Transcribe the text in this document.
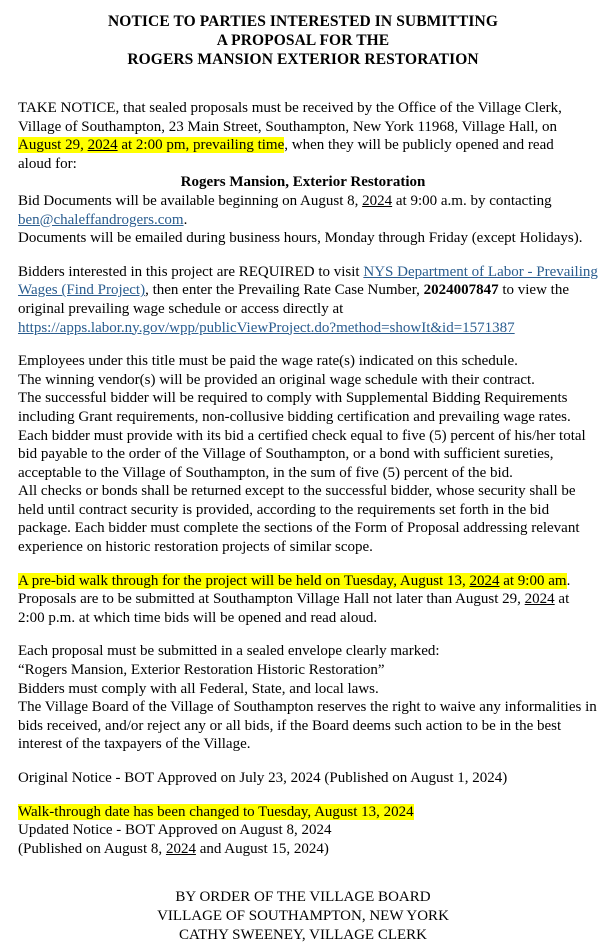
NOTICE TO PARTIES INTERESTED IN SUBMITTING
A PROPOSAL FOR THE
ROGERS MANSION EXTERIOR RESTORATION

TAKE NOTICE, that sealed proposals must be received by the Office of the Village Clerk,
Village of Southampton, 23 Main Street, Southampton, New York 11968, Village Hall, on
August 29, 2024 at 2:00 pm, prevailing time, when they will be publicly opened and read
aloud for:

Rogers Mansion, Exterior Restoration

Bid Documents will be available beginning on August 8, 2024 at 9:00 a.m. by contacting
ben@chaleffandrogers.com.
Documents will be emailed during business hours, Monday through Friday (except Holidays).

Bidders interested in this project are REQUIRED to visit NYS Department of Labor - Prevailing
Wages (Find Project), then enter the Prevailing Rate Case Number, 2024007847 to view the
original prevailing wage schedule or access directly at
https://apps.labor.ny.gov/wpp/publicViewProject.do?method=showIt&id=1571387

Employees under this title must be paid the wage rate(s) indicated on this schedule.
The winning vendor(s) will be provided an original wage schedule with their contract.
The successful bidder will be required to comply with Supplemental Bidding Requirements
including Grant requirements, non-collusive bidding certification and prevailing wage rates.
Each bidder must provide with its bid a certified check equal to five (5) percent of his/her total
bid payable to the order of the Village of Southampton, or a bond with sufficient sureties,
acceptable to the Village of Southampton, in the sum of five (5) percent of the bid.
All checks or bonds shall be returned except to the successful bidder, whose security shall be
held until contract security is provided, according to the requirements set forth in the bid
package. Each bidder must complete the sections of the Form of Proposal addressing relevant
experience on historic restoration projects of similar scope.

A pre-bid walk through for the project will be held on Tuesday, August 13, 2024 at 9:00 am.
Proposals are to be submitted at Southampton Village Hall not later than August 29, 2024 at
2:00 p.m. at which time bids will be opened and read aloud.

Each proposal must be submitted in a sealed envelope clearly marked:
“Rogers Mansion, Exterior Restoration Historic Restoration”
Bidders must comply with all Federal, State, and local laws.
The Village Board of the Village of Southampton reserves the right to waive any informalities in
bids received, and/or reject any or all bids, if the Board deems such action to be in the best
interest of the taxpayers of the Village.

Original Notice - BOT Approved on July 23, 2024 (Published on August 1, 2024)

Walk-through date has been changed to Tuesday, August 13, 2024
Updated Notice - BOT Approved on August 8, 2024
(Published on August 8, 2024 and August 15, 2024)

BY ORDER OF THE VILLAGE BOARD
VILLAGE OF SOUTHAMPTON, NEW YORK
CATHY SWEENEY, VILLAGE CLERK
